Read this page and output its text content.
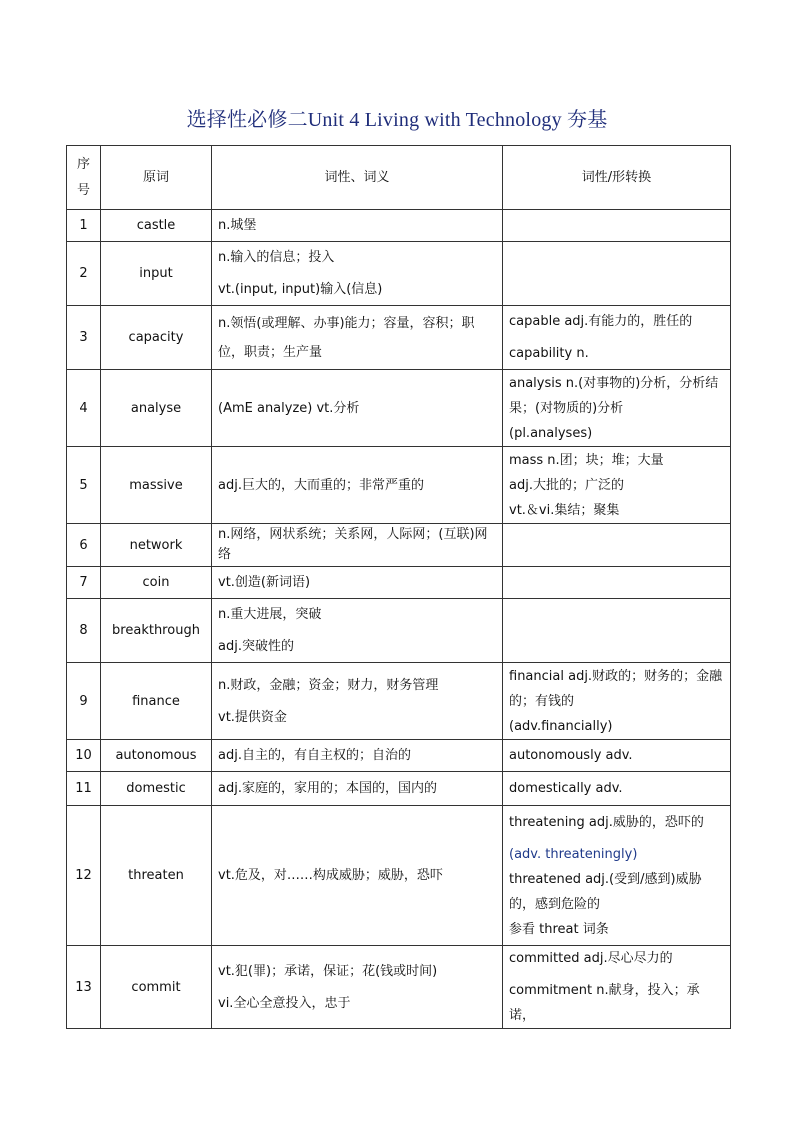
选择性必修二Unit 4 Living with Technology 夯基
序
号	原词	词性、词义	词性/形转换
1	castle	n.城堡	

2	input	n.输入的信息；投入
vt.(input, input)输入(信息)	

3	capacity	n.领悟(或理解、办事)能力；容量，容积；职位，职责；生产量	capable adj.有能力的，胜任的
capability n.

4	analyse	(AmE analyze) vt.分析	analysis n.(对事物的)分析，分析结果；(对物质的)分析
(pl.analyses)

5	massive	adj.巨大的，大而重的；非常严重的	mass n.团；块；堆；大量
adj.大批的；广泛的
vt.＆vi.集结；聚集

6	network	n.网络，网状系统；关系网，人际网；(互联)网络	

7	coin	vt.创造(新词语)	

8	breakthrough	n.重大进展，突破
adj.突破性的	

9	finance	n.财政，金融；资金；财力，财务管理
vt.提供资金	financial adj.财政的；财务的；金融的；有钱的
(adv.financially)

10	autonomous	adj.自主的，有自主权的；自治的	autonomously adv.

11	domestic	adj.家庭的，家用的；本国的，国内的	domestically adv.

12	threaten	vt.危及，对……构成威胁；威胁，恐吓	threatening adj.威胁的，恐吓的
(adv. threateningly)
threatened adj.(受到/感到)威胁的，感到危险的
参看 threat 词条

13	commit	vt.犯(罪)；承诺，保证；花(钱或时间)
vi.全心全意投入，忠于	committed adj.尽心尽力的
commitment n.献身，投入；承诺，
